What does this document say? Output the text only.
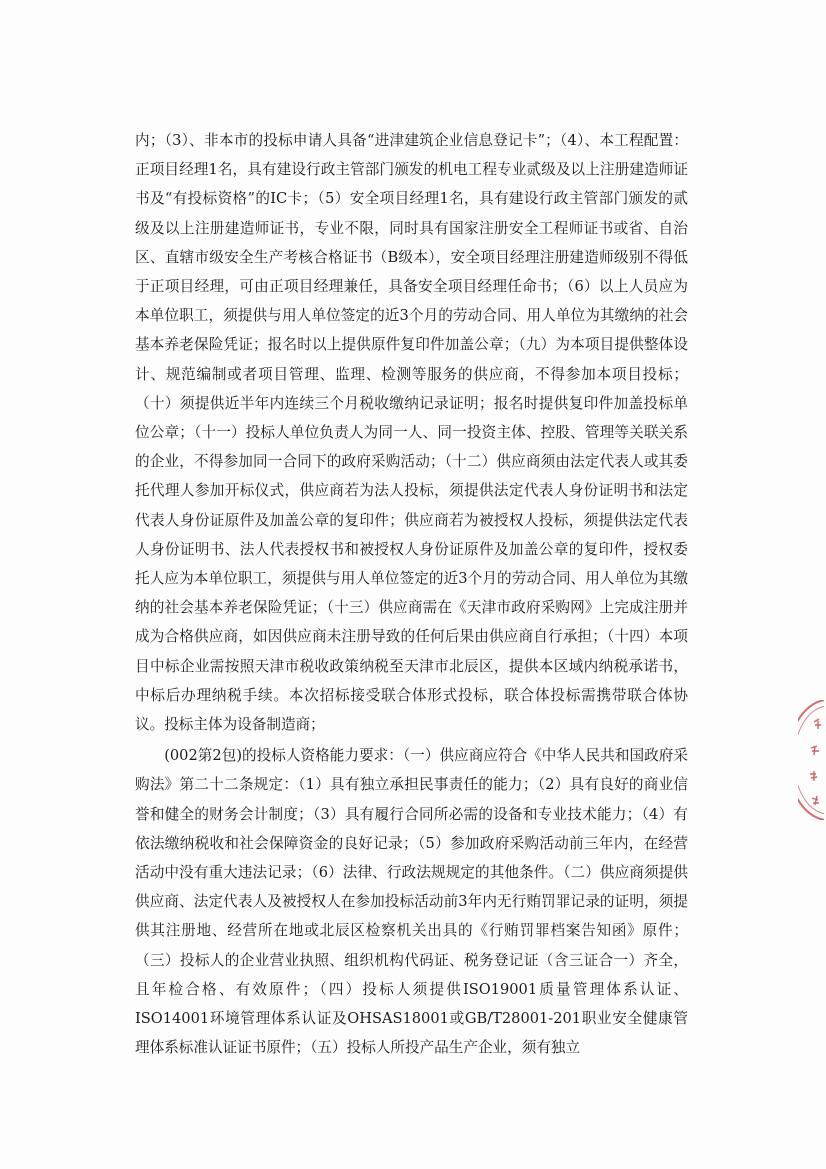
内；（3）、非本市的投标申请人具备“进津建筑企业信息登记卡”；（4）、本工程配置：正项目经理1名，具有建设行政主管部门颁发的机电工程专业贰级及以上注册建造师证书及“有投标资格”的IC卡；（5）安全项目经理1名，具有建设行政主管部门颁发的贰级及以上注册建造师证书，专业不限，同时具有国家注册安全工程师证书或省、自治区、直辖市级安全生产考核合格证书（B级本），安全项目经理注册建造师级别不得低于正项目经理，可由正项目经理兼任，具备安全项目经理任命书；（6）以上人员应为本单位职工，须提供与用人单位签定的近3个月的劳动合同、用人单位为其缴纳的社会基本养老保险凭证；报名时以上提供原件复印件加盖公章；（九）为本项目提供整体设计、规范编制或者项目管理、监理、检测等服务的供应商，不得参加本项目投标；（十）须提供近半年内连续三个月税收缴纳记录证明；报名时提供复印件加盖投标单位公章；（十一）投标人单位负责人为同一人、同一投资主体、控股、管理等关联关系的企业，不得参加同一合同下的政府采购活动；（十二）供应商须由法定代表人或其委托代理人参加开标仪式，供应商若为法人投标，须提供法定代表人身份证明书和法定代表人身份证原件及加盖公章的复印件；供应商若为被授权人投标，须提供法定代表人身份证明书、法人代表授权书和被授权人身份证原件及加盖公章的复印件，授权委托人应为本单位职工，须提供与用人单位签定的近3个月的劳动合同、用人单位为其缴纳的社会基本养老保险凭证；（十三）供应商需在《天津市政府采购网》上完成注册并成为合格供应商，如因供应商未注册导致的任何后果由供应商自行承担；（十四）本项目中标企业需按照天津市税收政策纳税至天津市北辰区，提供本区域内纳税承诺书，中标后办理纳税手续。本次招标接受联合体形式投标，联合体投标需携带联合体协议。投标主体为设备制造商；

(002第2包)的投标人资格能力要求：（一）供应商应符合《中华人民共和国政府采购法》第二十二条规定：（1）具有独立承担民事责任的能力；（2）具有良好的商业信誉和健全的财务会计制度；（3）具有履行合同所必需的设备和专业技术能力；（4）有依法缴纳税收和社会保障资金的良好记录；（5）参加政府采购活动前三年内，在经营活动中没有重大违法记录；（6）法律、行政法规规定的其他条件。（二）供应商须提供供应商、法定代表人及被授权人在参加投标活动前3年内无行贿罚罪记录的证明，须提供其注册地、经营所在地或北辰区检察机关出具的《行贿罚罪档案告知函》原件；（三）投标人的企业营业执照、组织机构代码证、税务登记证（含三证合一）齐全，且年检合格、有效原件；（四）投标人须提供ISO19001质量管理体系认证、ISO14001环境管理体系认证及OHSAS18001或GB/T28001-201职业安全健康管理体系标准认证证书原件；（五）投标人所投产品生产企业，须有独立
